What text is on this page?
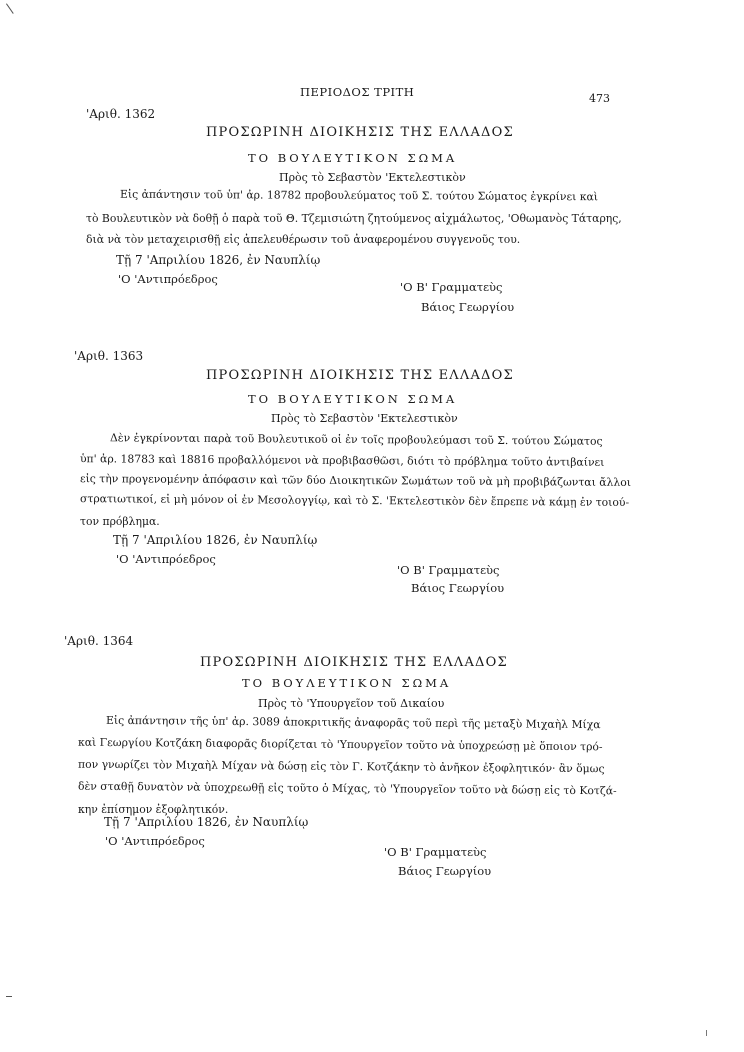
ΠΕΡΙΟΔΟΣ ΤΡΙΤΗ	473
'Αριθ. 1362
ΠΡΟΣΩΡΙΝΗ ΔΙΟΙΚΗΣΙΣ ΤΗΣ ΕΛΛΑΔΟΣ
ΤΟ ΒΟΥΛΕΥΤΙΚΟΝ ΣΩΜΑ
Πρὸς τὸ Σεβαστὸν 'Εκτελεστικὸν
Εἰς ἀπάντησιν τοῦ ὑπ' ἀρ. 18782 προβουλεύματος τοῦ Σ. τούτου Σώματος ἐγκρίνει καὶ
τὸ Βουλευτικὸν νὰ δοθῇ ὁ παρὰ τοῦ Θ. Τζεμισιώτη ζητούμενος αἰχμάλωτος, 'Οθωμανὸς Τάταρης,
διὰ νὰ τὸν μεταχειρισθῇ εἰς ἀπελευθέρωσιν τοῦ ἀναφερομένου συγγενοῦς του.
Τῇ 7 'Απριλίου 1826, ἐν Ναυπλίῳ
'Ο 'Αντιπρόεδρος
'Ο Β' Γραμματεὺς
Βάιος Γεωργίου
'Αριθ. 1363
ΠΡΟΣΩΡΙΝΗ ΔΙΟΙΚΗΣΙΣ ΤΗΣ ΕΛΛΑΔΟΣ
ΤΟ ΒΟΥΛΕΥΤΙΚΟΝ ΣΩΜΑ
Πρὸς τὸ Σεβαστὸν 'Εκτελεστικὸν
Δὲν ἐγκρίνονται παρὰ τοῦ Βουλευτικοῦ οἱ ἐν τοῖς προβουλεύμασι τοῦ Σ. τούτου Σώματος
ὑπ' ἀρ. 18783 καὶ 18816 προβαλλόμενοι νὰ προβιβασθῶσι, διότι τὸ πρόβλημα τοῦτο ἀντιβαίνει
εἰς τὴν προγενομένην ἀπόφασιν καὶ τῶν δύο Διοικητικῶν Σωμάτων τοῦ νὰ μὴ προβιβάζωνται ἄλλοι
στρατιωτικοί, εἰ μὴ μόνον οἱ ἐν Μεσολογγίῳ, καὶ τὸ Σ. 'Εκτελεστικὸν δὲν ἔπρεπε νὰ κάμῃ ἐν τοιού-
τον πρόβλημα.
Τῇ 7 'Απριλίου 1826, ἐν Ναυπλίῳ
'Ο 'Αντιπρόεδρος
'Ο Β' Γραμματεὺς
Βάιος Γεωργίου
'Αριθ. 1364
ΠΡΟΣΩΡΙΝΗ ΔΙΟΙΚΗΣΙΣ ΤΗΣ ΕΛΛΑΔΟΣ
ΤΟ ΒΟΥΛΕΥΤΙΚΟΝ ΣΩΜΑ
Πρὸς τὸ 'Υπουργεῖον τοῦ Δικαίου
Εἰς ἀπάντησιν τῆς ὑπ' ἀρ. 3089 ἀποκριτικῆς ἀναφορᾶς τοῦ περὶ τῆς μεταξὺ Μιχαὴλ Μίχα
καὶ Γεωργίου Κοτζάκη διαφορᾶς διορίζεται τὸ 'Υπουργεῖον τοῦτο νὰ ὑποχρεώσῃ μὲ ὅποιον τρό-
πον γνωρίζει τὸν Μιχαὴλ Μίχαν νὰ δώσῃ εἰς τὸν Γ. Κοτζάκην τὸ ἀνῆκον ἐξοφλητικόν· ἂν ὅμως
δὲν σταθῇ δυνατὸν νὰ ὑποχρεωθῇ εἰς τοῦτο ὁ Μίχας, τὸ 'Υπουργεῖον τοῦτο νὰ δώσῃ εἰς τὸ Κοτζά-
κην ἐπίσημον ἐξοφλητικόν.
Τῇ 7 'Απριλίου 1826, ἐν Ναυπλίῳ
'Ο 'Αντιπρόεδρος
'Ο Β' Γραμματεὺς
Βάιος Γεωργίου
